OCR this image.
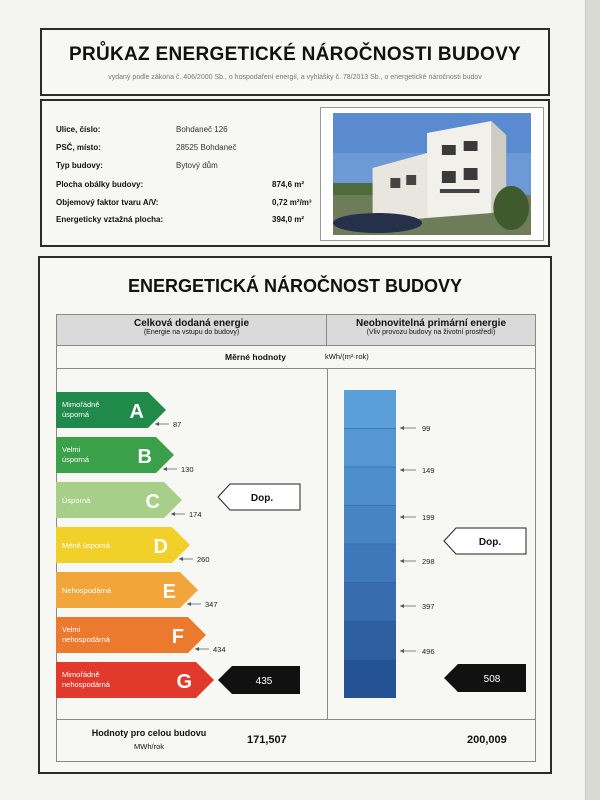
PRŮKAZ ENERGETICKÉ NÁROČNOSTI BUDOVY
vydaný podle zákona č. 406/2000 Sb., o hospodaření energií, a vyhlášky č. 78/2013 Sb., o energetické náročnosti budov
Ulice, číslo:	Bohdaneč 126
PSČ, místo:	28525 Bohdaneč
Typ budovy:	Bytový dům
Plocha obálky budovy:	874,6 m²
Objemový faktor tvaru A/V:	0,72 m²/m³
Energeticky vztažná plocha:	394,0 m²
ENERGETICKÁ NÁROČNOST BUDOVY
Celková dodaná energie
(Energie na vstupu do budovy)
Neobnovitelná primární energie
(Vliv provozu budovy na životní prostředí)
Měrné hodnoty	kWh/(m²·rok)
Hodnoty pro celou budovu
MWh/rok
171,507	200,009
Mimořádně
úsporná A
Velmi
úsporná B
Úsporná	C
Méně úsporná D
Nehospodárná	E
Velmi
nehospodárná	F
Mimořádně
nehospodárná	G
87
130
174
260
347
434
Dop.
435
99
149
199
298
397
496
Dop.
508
